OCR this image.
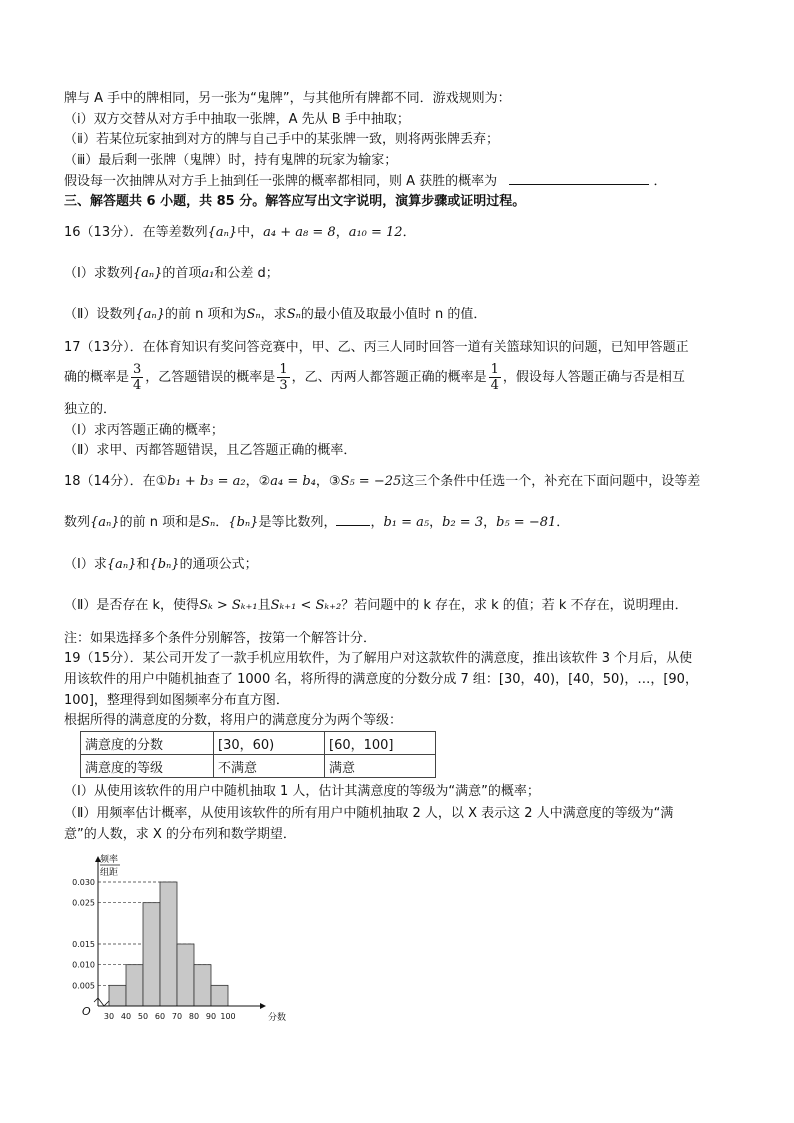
牌与 A 手中的牌相同，另一张为“鬼牌”，与其他所有牌都不同．游戏规则为：
（ⅰ）双方交替从对方手中抽取一张牌，A 先从 B 手中抽取；
（ⅱ）若某位玩家抽到对方的牌与自己手中的某张牌一致，则将两张牌丢弃；
（ⅲ）最后剩一张牌（鬼牌）时，持有鬼牌的玩家为输家；
假设每一次抽牌从对方手上抽到任一张牌的概率都相同，则 A 获胜的概率为	．
三、解答题共 6 小题，共 85 分。解答应写出文字说明，演算步骤或证明过程。
16（13分）．在等差数列{aₙ}中，a₄ + a₈ = 8，a₁₀ = 12．
（Ⅰ）求数列{aₙ}的首项a₁和公差 d；
（Ⅱ）设数列{aₙ}的前 n 项和为Sₙ，求Sₙ的最小值及取最小值时 n 的值．
17（13分）．在体育知识有奖问答竞赛中，甲、乙、丙三人同时回答一道有关篮球知识的问题，已知甲答题正
确的概率是 $\frac{3}{4}$ ，乙答题错误的概率是 $\frac{1}{3}$ ，乙、丙两人都答题正确的概率是 $\frac{1}{4}$ ，假设每人答题正确与否是相互
独立的．
（Ⅰ）求丙答题正确的概率；
（Ⅱ）求甲、丙都答题错误，且乙答题正确的概率．
18（14分）．在①b₁ + b₃ = a₂，②a₄ = b₄，③S₅ = −25这三个条件中任选一个，补充在下面问题中，设等差
数列{aₙ}的前 n 项和是Sₙ．{bₙ}是等比数列，	，b₁ = a₅，b₂ = 3，b₅ = −81．
（Ⅰ）求{aₙ}和{bₙ}的通项公式；
（Ⅱ）是否存在 k，使得Sₖ > Sₖ₊₁且Sₖ₊₁ < Sₖ₊₂？若问题中的 k 存在，求 k 的值；若 k 不存在，说明理由．
注：如果选择多个条件分别解答，按第一个解答计分．
19（15分）．某公司开发了一款手机应用软件，为了解用户对这款软件的满意度，推出该软件 3 个月后，从使
用该软件的用户中随机抽查了 1000 名，将所得的满意度的分数分成 7 组：[30，40)，[40，50)，…，[90，
100]，整理得到如图频率分布直方图．
根据所得的满意度的分数，将用户的满意度分为两个等级：
满意度的分数	[30，60)	[60，100]
满意度的等级	不满意	满意
（Ⅰ）从使用该软件的用户中随机抽取 1 人，估计其满意度的等级为“满意”的概率；
（Ⅱ）用频率估计概率，从使用该软件的所有用户中随机抽取 2 人，以 X 表示这 2 人中满意度的等级为“满
意”的人数，求 X 的分布列和数学期望．
0.005
0.010
0.015
0.025
0.030
30 40 50 60 70 80 90 100	分数
频率
组距
O
